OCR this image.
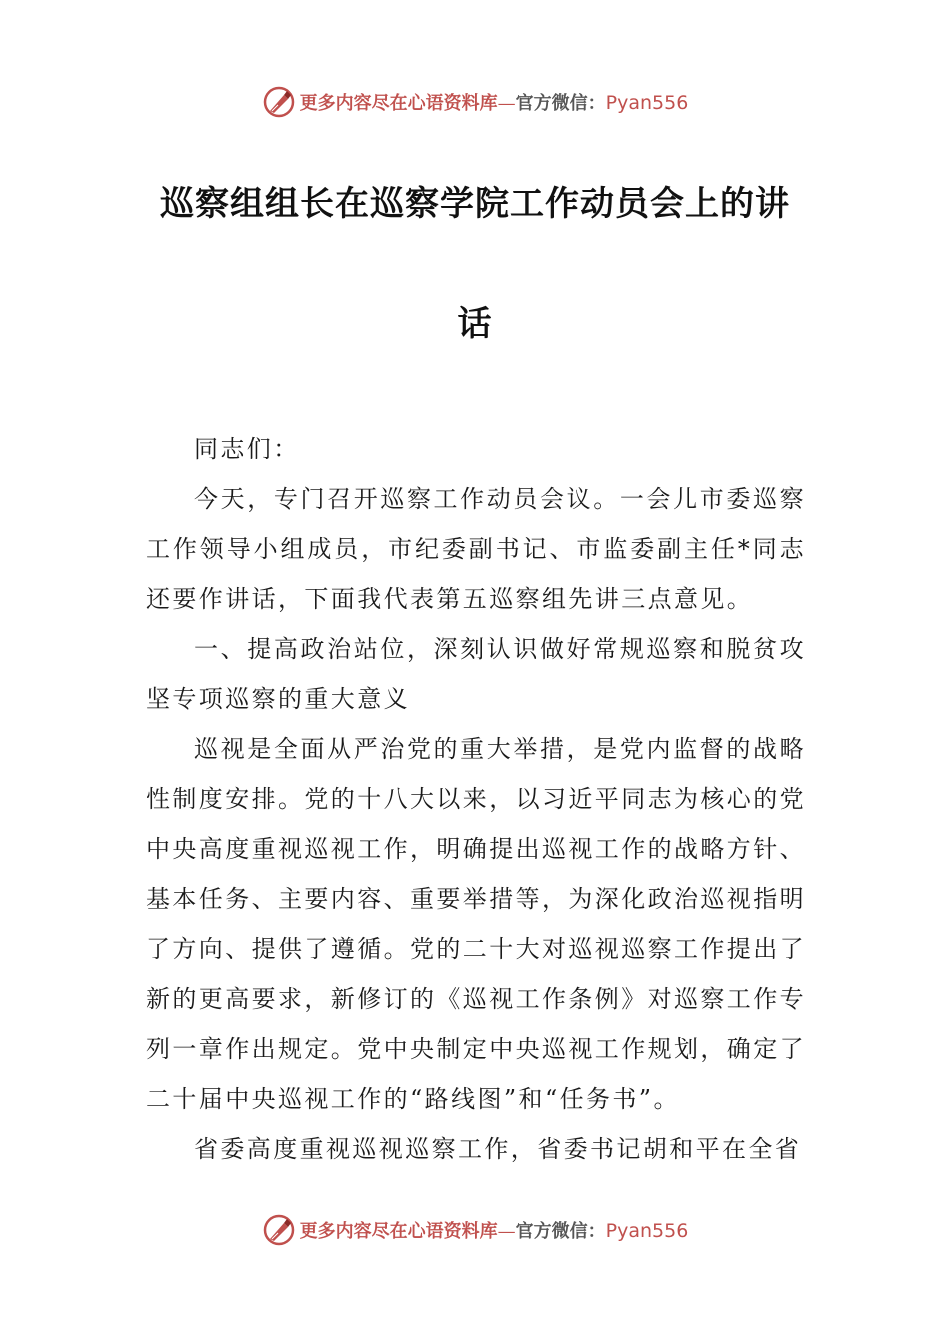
更多内容尽在心语资料库—官方微信：Pyan556
巡察组组长在巡察学院工作动员会上的讲
话

同志们：

今天，专门召开巡察工作动员会议。一会儿市委巡察工作领导小组成员，市纪委副书记、市监委副主任*同志还要作讲话，下面我代表第五巡察组先讲三点意见。

一、提高政治站位，深刻认识做好常规巡察和脱贫攻坚专项巡察的重大意义

巡视是全面从严治党的重大举措，是党内监督的战略性制度安排。党的十八大以来，以习近平同志为核心的党中央高度重视巡视工作，明确提出巡视工作的战略方针、基本任务、主要内容、重要举措等，为深化政治巡视指明了方向、提供了遵循。党的二十大对巡视巡察工作提出了新的更高要求，新修订的《巡视工作条例》对巡察工作专列一章作出规定。党中央制定中央巡视工作规划，确定了二十届中央巡视工作的“路线图”和“任务书”。

省委高度重视巡视巡察工作，省委书记胡和平在全省

更多内容尽在心语资料库—官方微信：Pyan556
